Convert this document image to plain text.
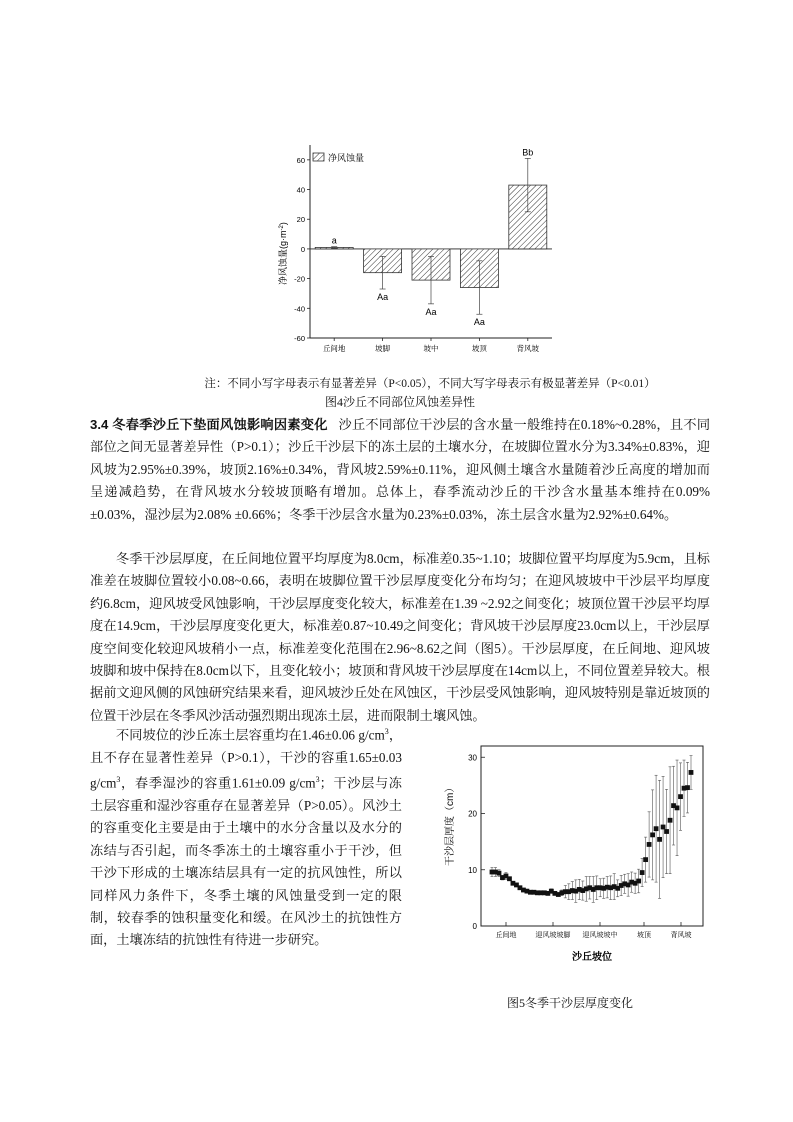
60
40
20
0
-20
-40
-60
a
Aa
Aa
Aa
Bb
丘间地	坡脚	坡中	坡顶	背风坡
净风蚀量
净风蚀量$(g\cdot m^{-2})$
注：不同小写字母表示有显著差异（P<0.05），不同大写字母表示有极显著差异（P<0.01）
图4沙丘不同部位风蚀差异性
3.4 冬春季沙丘下垫面风蚀影响因素变化 沙丘不同部位干沙层的含水量一般维持在0.18%~0.28%，且不同部位之间无显著差异性（P>0.1）；沙丘干沙层下的冻土层的土壤水分，在坡脚位置水分为3.34%±0.83%，迎风坡为2.95%±0.39%，坡顶2.16%±0.34%，背风坡2.59%±0.11%，迎风侧土壤含水量随着沙丘高度的增加而呈递减趋势，在背风坡水分较坡顶略有增加。总体上，春季流动沙丘的干沙含水量基本维持在0.09%±0.03%，湿沙层为2.08% ±0.66%；冬季干沙层含水量为0.23%±0.03%，冻土层含水量为2.92%±0.64%。
冬季干沙层厚度，在丘间地位置平均厚度为8.0cm，标准差0.35~1.10；坡脚位置平均厚度为5.9cm，且标准差在坡脚位置较小0.08~0.66，表明在坡脚位置干沙层厚度变化分布均匀；在迎风坡坡中干沙层平均厚度约6.8cm，迎风坡受风蚀影响，干沙层厚度变化较大，标准差在1.39 ~2.92之间变化；坡顶位置干沙层平均厚度在14.9cm，干沙层厚度变化更大，标准差0.87~10.49之间变化；背风坡干沙层厚度23.0cm以上，干沙层厚度空间变化较迎风坡稍小一点，标准差变化范围在2.96~8.62之间（图5）。干沙层厚度，在丘间地、迎风坡坡脚和坡中保持在8.0cm以下，且变化较小；坡顶和背风坡干沙层厚度在14cm以上，不同位置差异较大。根据前文迎风侧的风蚀研究结果来看，迎风坡沙丘处在风蚀区，干沙层受风蚀影响，迎风坡特别是靠近坡顶的位置干沙层在冬季风沙活动强烈期出现冻土层，进而限制土壤风蚀。
不同坡位的沙丘冻土层容重均在1.46±0.06 $g/cm^3$，且不存在显著性差异（P>0.1），干沙的容重1.65±0.03 $g/cm^3$，春季湿沙的容重1.61±0.09 $g/cm^3$；干沙层与冻土层容重和湿沙容重存在显著差异（P>0.05）。风沙土的容重变化主要是由于土壤中的水分含量以及水分的冻结与否引起，而冬季冻土的土壤容重小于干沙，但干沙下形成的土壤冻结层具有一定的抗风蚀性，所以同样风力条件下，冬季土壤的风蚀量受到一定的限制，较春季的蚀积量变化和缓。在风沙土的抗蚀性方面，土壤冻结的抗蚀性有待进一步研究。
0
10
20
30
丘间地	迎风坡坡脚 迎风坡坡中	坡顶	背风坡
干沙层厚度（cm）
沙丘坡位
图5冬季干沙层厚度变化
